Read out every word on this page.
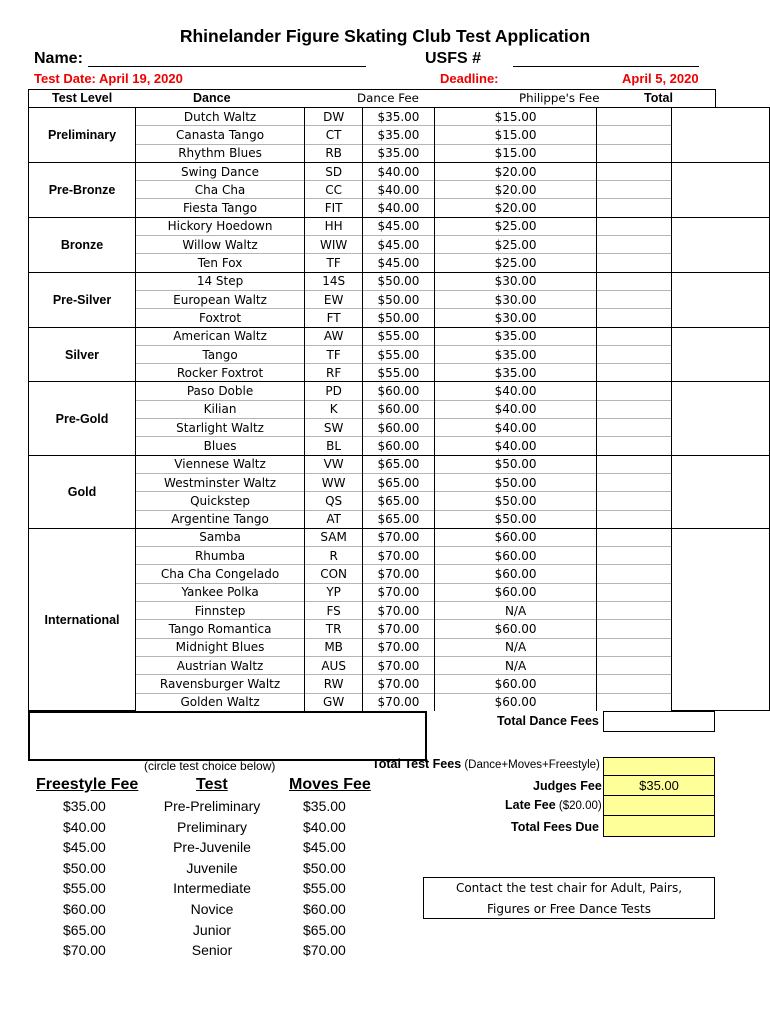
Rhinelander Figure Skating Club Test Application
Name:	USFS #
Test Date: April 19, 2020	Deadline:	April 5, 2020
Test Level	Dance	Dance Fee	Philippe's Fee	Total
Preliminary	Dutch Waltz	DW	$35.00	$15.00		
	Canasta Tango	CT	$35.00	$15.00		
	Rhythm Blues	RB	$35.00	$15.00		
Pre-Bronze	Swing Dance	SD	$40.00	$20.00		
	Cha Cha	CC	$40.00	$20.00		
	Fiesta Tango	FIT	$40.00	$20.00		
Bronze	Hickory Hoedown	HH	$45.00	$25.00		
	Willow Waltz	WIW	$45.00	$25.00		
	Ten Fox	TF	$45.00	$25.00		
Pre-Silver	14 Step	14S	$50.00	$30.00		
	European Waltz	EW	$50.00	$30.00		
	Foxtrot	FT	$50.00	$30.00		
Silver	American Waltz	AW	$55.00	$35.00		
	Tango	TF	$55.00	$35.00		
	Rocker Foxtrot	RF	$55.00	$35.00		
Pre-Gold	Paso Doble	PD	$60.00	$40.00		
	Kilian	K	$60.00	$40.00		
	Starlight Waltz	SW	$60.00	$40.00		
	Blues	BL	$60.00	$40.00		
Gold	Viennese Waltz	VW	$65.00	$50.00		
	Westminster Waltz	WW	$65.00	$50.00		
	Quickstep	QS	$65.00	$50.00		
	Argentine Tango	AT	$65.00	$50.00		
International	Samba	SAM	$70.00	$60.00		
	Rhumba	R	$70.00	$60.00		
	Cha Cha Congelado	CON	$70.00	$60.00		
	Yankee Polka	YP	$70.00	$60.00		
	Finnstep	FS	$70.00	N/A		
	Tango Romantica	TR	$70.00	$60.00		
	Midnight Blues	MB	$70.00	N/A		
	Austrian Waltz	AUS	$70.00	N/A		
	Ravensburger Waltz	RW	$70.00	$60.00		
	Golden Waltz	GW	$70.00	$60.00		
Total Dance Fees
(circle test choice below)	Total Test Fees (Dance+Moves+Freestyle)
Judges Fee	$35.00
Late Fee ($20.00)
Total Fees Due
Freestyle Fee	Test	Moves Fee
$35.00	Pre-Preliminary	$35.00
$40.00	Preliminary	$40.00
$45.00	Pre-Juvenile	$45.00
$50.00	Juvenile	$50.00
$55.00	Intermediate	$55.00
$60.00	Novice	$60.00
$65.00	Junior	$65.00
$70.00	Senior	$70.00
Contact the test chair for Adult, Pairs,
Figures or Free Dance Tests
